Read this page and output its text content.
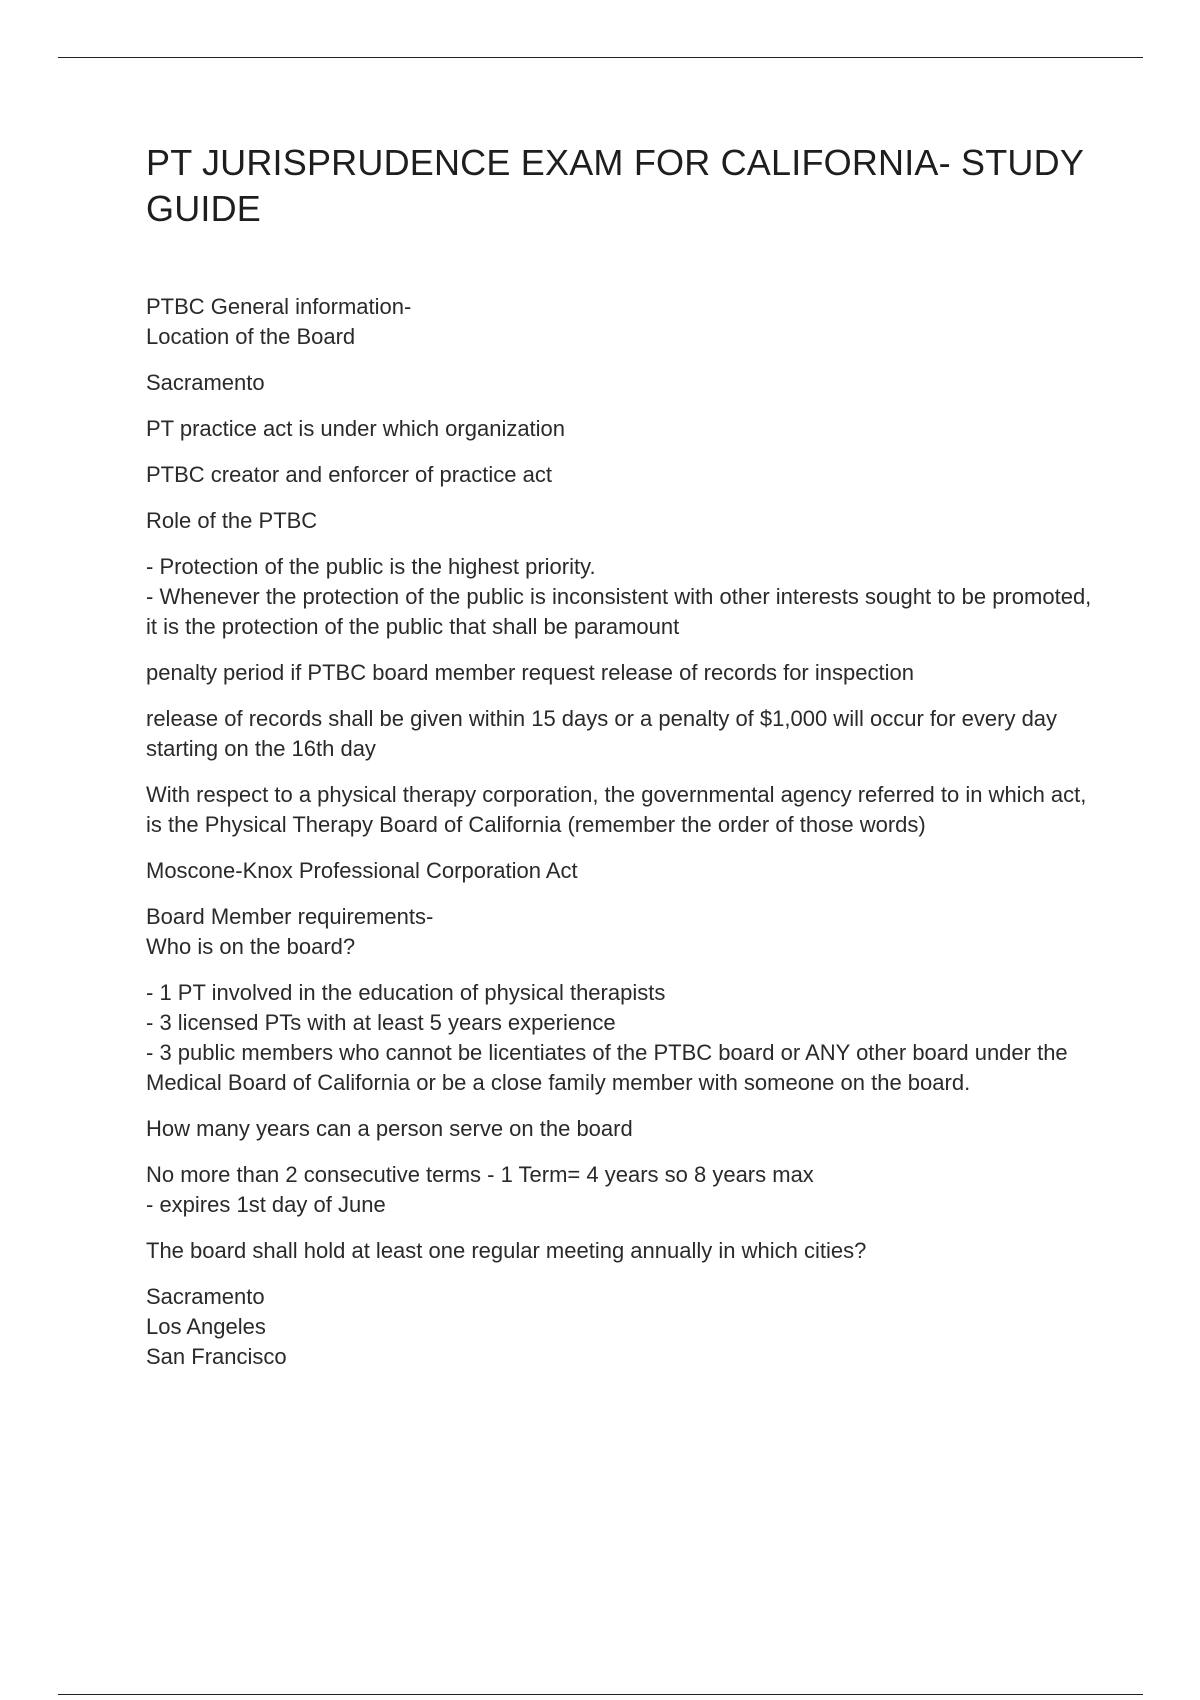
PT JURISPRUDENCE EXAM FOR CALIFORNIA- STUDY GUIDE
PTBC General information-
Location of the Board
Sacramento
PT practice act is under which organization
PTBC creator and enforcer of practice act
Role of the PTBC
- Protection of the public is the highest priority.
- Whenever the protection of the public is inconsistent with other interests sought to be promoted, it is the protection of the public that shall be paramount
penalty period if PTBC board member request release of records for inspection
release of records shall be given within 15 days or a penalty of $1,000 will occur for every day starting on the 16th day
With respect to a physical therapy corporation, the governmental agency referred to in which act, is the Physical Therapy Board of California (remember the order of those words)
Moscone-Knox Professional Corporation Act
Board Member requirements-
Who is on the board?
- 1 PT involved in the education of physical therapists
- 3 licensed PTs with at least 5 years experience
- 3 public members who cannot be licentiates of the PTBC board or ANY other board under the Medical Board of California or be a close family member with someone on the board.
How many years can a person serve on the board
No more than 2 consecutive terms - 1 Term= 4 years so 8 years max
- expires 1st day of June
The board shall hold at least one regular meeting annually in which cities?
Sacramento
Los Angeles
San Francisco
